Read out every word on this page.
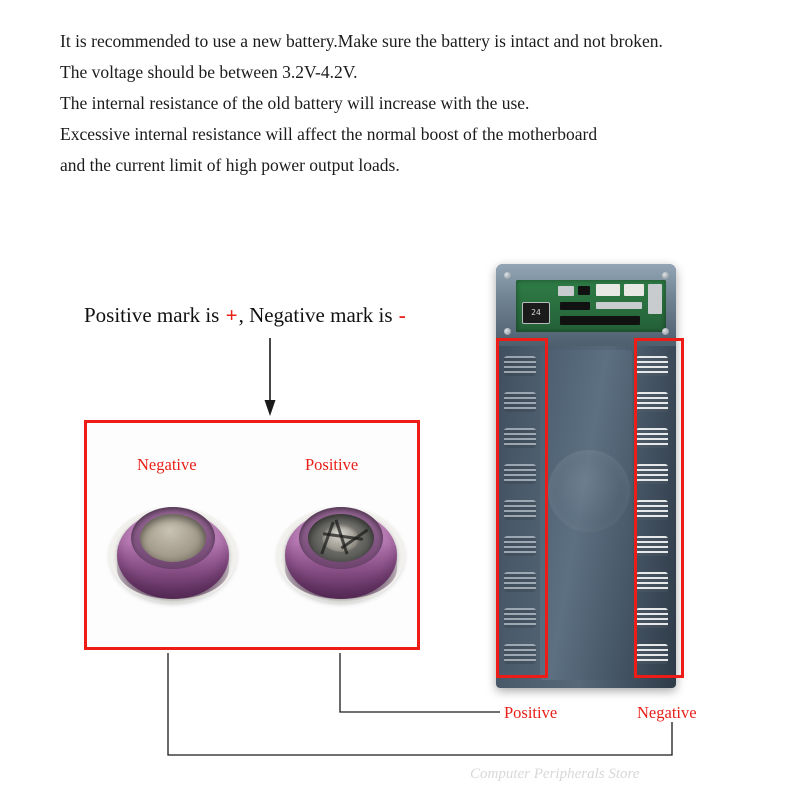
It is recommended to use a new battery.Make sure the battery is intact and not broken.
The voltage should be between 3.2V-4.2V.
The internal resistance of the old battery will increase with the use.
Excessive internal resistance will affect the normal boost of the motherboard
and the current limit of high power output loads.
Positive mark is +, Negative mark is -
Negative	Positive
24
Positive	Negative
Computer Peripherals Store
